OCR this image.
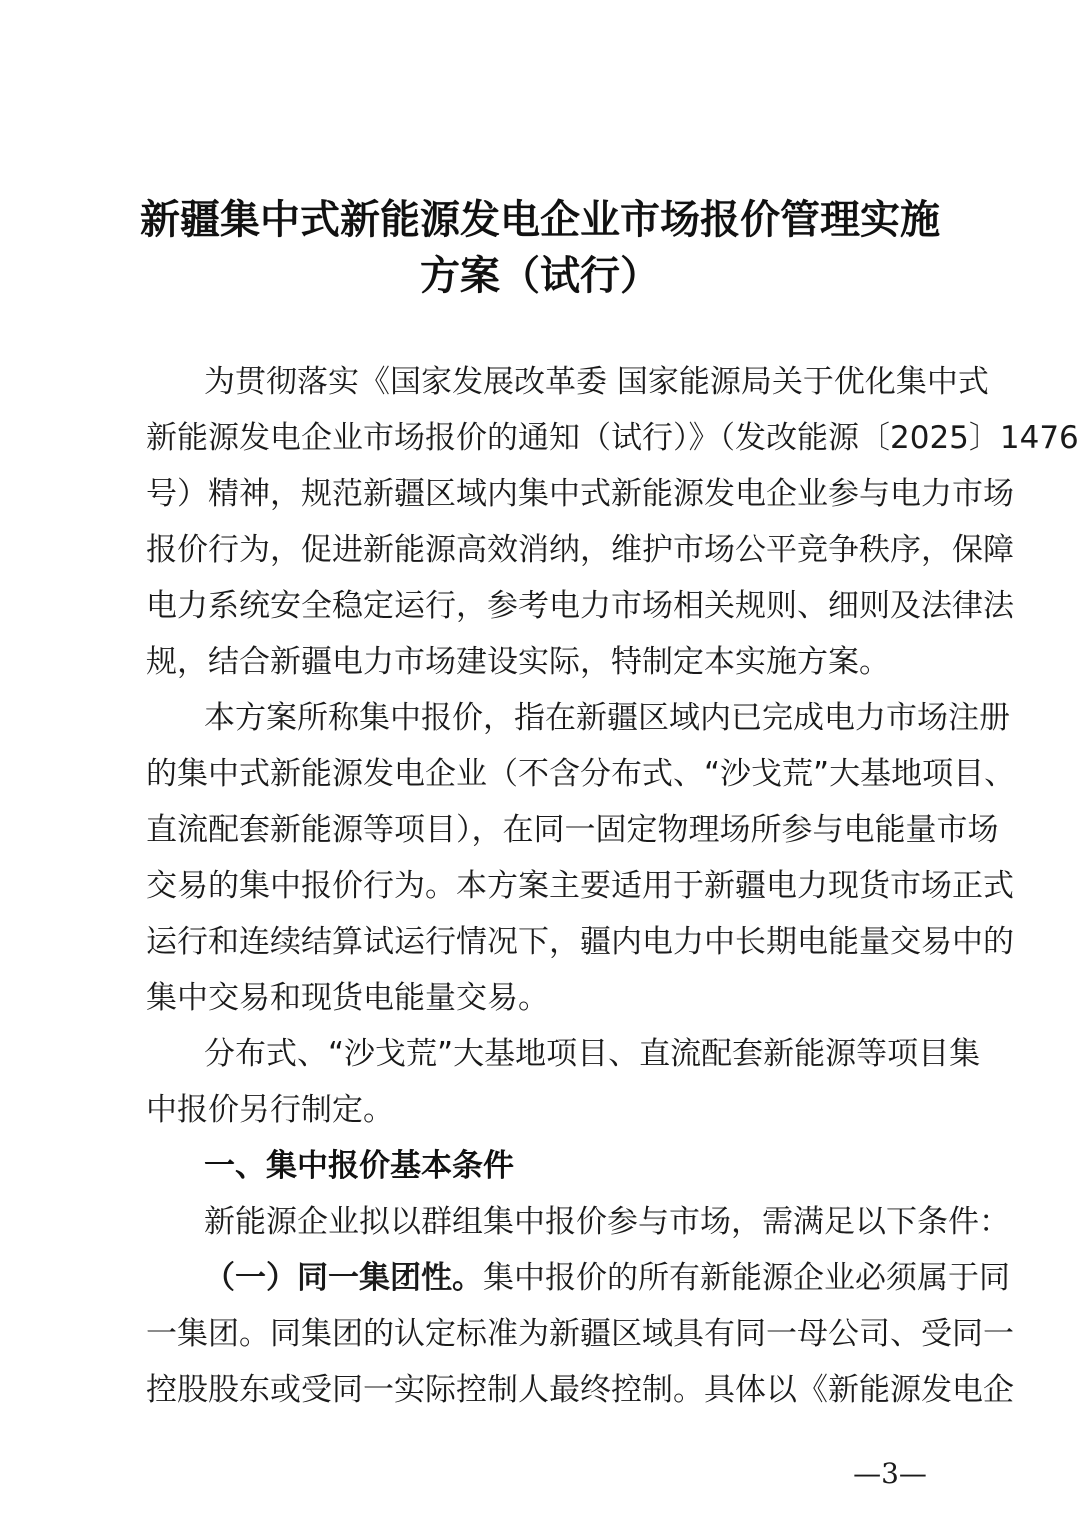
新疆集中式新能源发电企业市场报价管理实施
方案（试行）
为贯彻落实《国家发展改革委 国家能源局关于优化集中式
新能源发电企业市场报价的通知（试行）》（发改能源〔2025〕1476
号）精神，规范新疆区域内集中式新能源发电企业参与电力市场
报价行为，促进新能源高效消纳，维护市场公平竞争秩序，保障
电力系统安全稳定运行，参考电力市场相关规则、细则及法律法
规，结合新疆电力市场建设实际，特制定本实施方案。
本方案所称集中报价，指在新疆区域内已完成电力市场注册
的集中式新能源发电企业（不含分布式、“沙戈荒”大基地项目、
直流配套新能源等项目），在同一固定物理场所参与电能量市场
交易的集中报价行为。本方案主要适用于新疆电力现货市场正式
运行和连续结算试运行情况下，疆内电力中长期电能量交易中的
集中交易和现货电能量交易。
分布式、“沙戈荒”大基地项目、直流配套新能源等项目集
中报价另行制定。
一、集中报价基本条件
新能源企业拟以群组集中报价参与市场，需满足以下条件：
（一）同一集团性。集中报价的所有新能源企业必须属于同
一集团。同集团的认定标准为新疆区域具有同一母公司、受同一
控股股东或受同一实际控制人最终控制。具体以《新能源发电企
—3—
